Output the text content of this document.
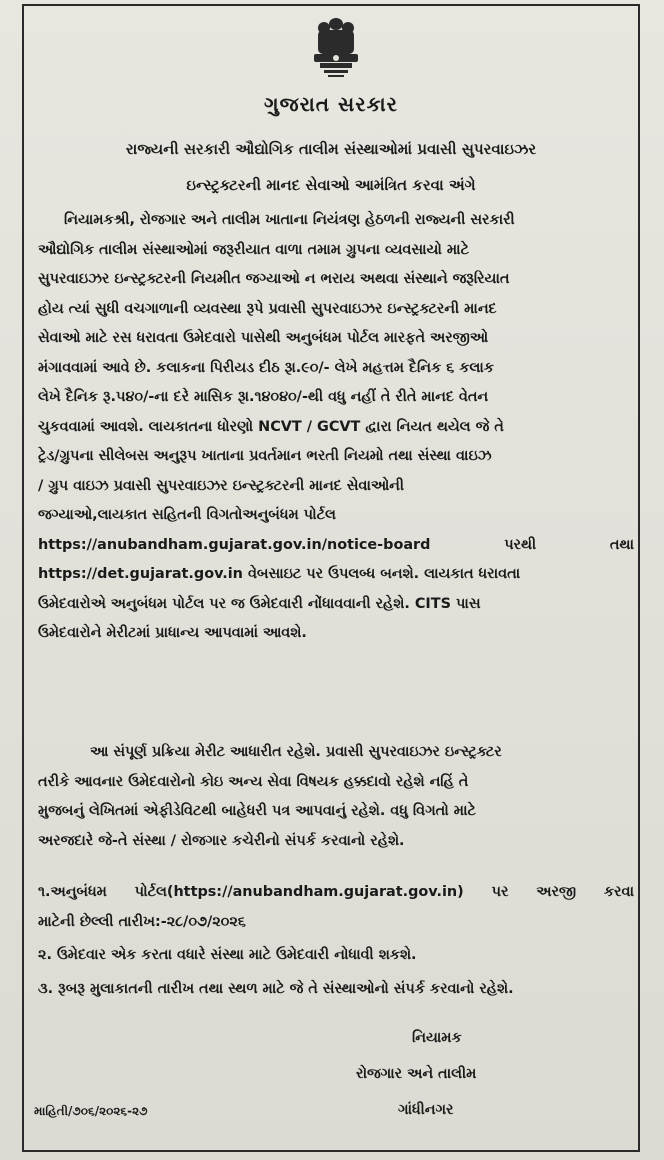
ગુજરાત સરકાર
રાજ્યની સરકારી ઔદ્યોગિક તાલીમ સંસ્થાઓમાં પ્રવાસી સુપરવાઇઝર
ઇન્સ્ટ્રક્ટરની માનદ સેવાઓ આમંત્રિત કરવા અંગે
નિયામકશ્રી, રોજગાર અને તાલીમ ખાતાના નિયંત્રણ હેઠળની રાજ્યની સરકારી
ઔદ્યોગિક તાલીમ સંસ્થાઓમાં જરૂરીયાત વાળા તમામ ગ્રુપના વ્યવસાયો માટે
સુપરવાઇઝર ઇન્સ્ટ્રક્ટરની નિયમીત જગ્યાઓ ન ભરાય અથવા સંસ્થાને જરૂરિયાત
હોય ત્યાં સુધી વચગાળાની વ્યવસ્થા રૂપે પ્રવાસી સુપરવાઇઝર ઇન્સ્ટ્રક્ટરની માનદ
સેવાઓ માટે રસ ધરાવતા ઉમેદવારો પાસેથી અનુબંધમ પોર્ટલ મારફતે અરજીઓ
મંગાવવામાં આવે છે. કલાકના પિરીયડ દીઠ રૂા.૯૦/- લેખે મહત્તમ દૈનિક ૬ કલાક
લેખે દૈનિક રૂ.૫૪૦/-ના દરે માસિક રૂા.૧૪૦૪૦/-થી વધુ નહીં તે રીતે માનદ વેતન
ચુકવવામાં આવશે. લાયકાતના ધોરણો NCVT / GCVT દ્વારા નિયત થયેલ જે તે
ટ્રેડ/ગ્રુપના સીલેબસ અનુરૂપ ખાતાના પ્રવર્તમાન ભરતી નિયમો તથા સંસ્થા વાઇઝ
/ ગ્રુપ વાઇઝ પ્રવાસી સુપરવાઇઝર ઇન્સ્ટ્રક્ટરની માનદ સેવાઓની
જગ્યાઓ,લાયકાત સહિતની વિગતોઅનુબંધમ પોર્ટલ
https://anubandham.gujarat.gov.in/notice-board	પરથી	તથા
https://det.gujarat.gov.in વેબસાઇટ પર ઉપલબ્ધ બનશે. લાયકાત ધરાવતા
ઉમેદવારોએ અનુબંધમ પોર્ટલ પર જ ઉમેદવારી નોંધાવવાની રહેશે. CITS પાસ
ઉમેદવારોને મેરીટમાં પ્રાધાન્ય આપવામાં આવશે.
આ સંપૂર્ણ પ્રક્રિયા મેરીટ આધારીત રહેશે. પ્રવાસી સુપરવાઇઝર ઇન્સ્ટ્રક્ટર
તરીકે આવનાર ઉમેદવારોનો કોઇ અન્ય સેવા વિષયક હક્કદાવો રહેશે નહિં તે
મુજબનું લેખિતમાં એફીડેવિટથી બાહેધરી પત્ર આપવાનું રહેશે. વધુ વિગતો માટે
અરજદારે જે-તે સંસ્થા / રોજગાર કચેરીનો સંપર્ક કરવાનો રહેશે.
૧.અનુબંધમ પોર્ટલ(https://anubandham.gujarat.gov.in) પર અરજી કરવા
માટેની છેલ્લી તારીખ:-૨૮/૦૭/૨૦૨૬
૨. ઉમેદવાર એક કરતા વધારે સંસ્થા માટે ઉમેદવારી નોધાવી શકશે.
૩. રૂબરૂ મુલાકાતની તારીખ તથા સ્થળ માટે જે તે સંસ્થાઓનો સંપર્ક કરવાનો રહેશે.
નિયામક
રોજગાર અને તાલીમ
ગાંધીનગર
માહિતી/૭૦૬/૨૦૨૬-૨૭
